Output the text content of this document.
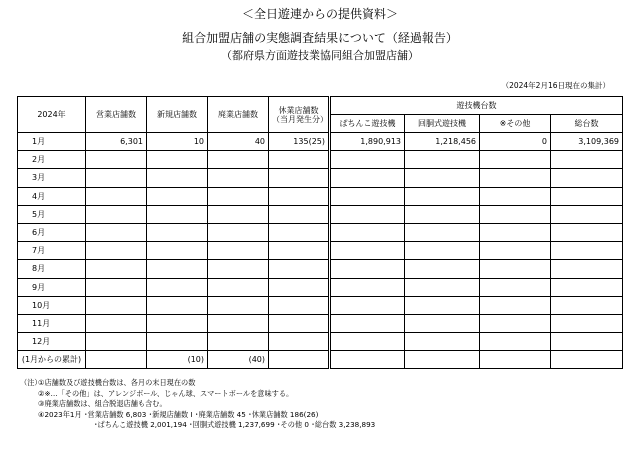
＜全日遊連からの提供資料＞
組合加盟店舗の実態調査結果について（経過報告）
（都府県方面遊技業協同組合加盟店舗）
（2024年2月16日現在の集計）
2024年	営業店舗数	新規店舗数	廃業店舗数	休業店舗数
（当月発生分）	遊技機台数			
					ぱちんこ遊技機	回胴式遊技機	※その他	総台数
1月	6,301	10	40	135(25)	1,890,913	1,218,456	0	3,109,369
2月								
3月								
4月								
5月								
6月								
7月								
8月								
9月								
10月								
11月								
12月								
(1月からの累計)		(10)	(40)					
（注）①店舗数及び遊技機台数は、各月の末日現在の数
②※…「その他」は、アレンジボール、じゃん球、スマートボールを意味する。
③廃業店舗数は、組合脱退店舗も含む。
④2023年1月 ･営業店舗数 6,803 ･新規店舗数 Ⅰ ･廃業店舗数 45 ･休業店舗数 186(26)
･ぱちんこ遊技機 2,001,194 ･回胴式遊技機 1,237,699 ･その他 0 ･総台数 3,238,893
